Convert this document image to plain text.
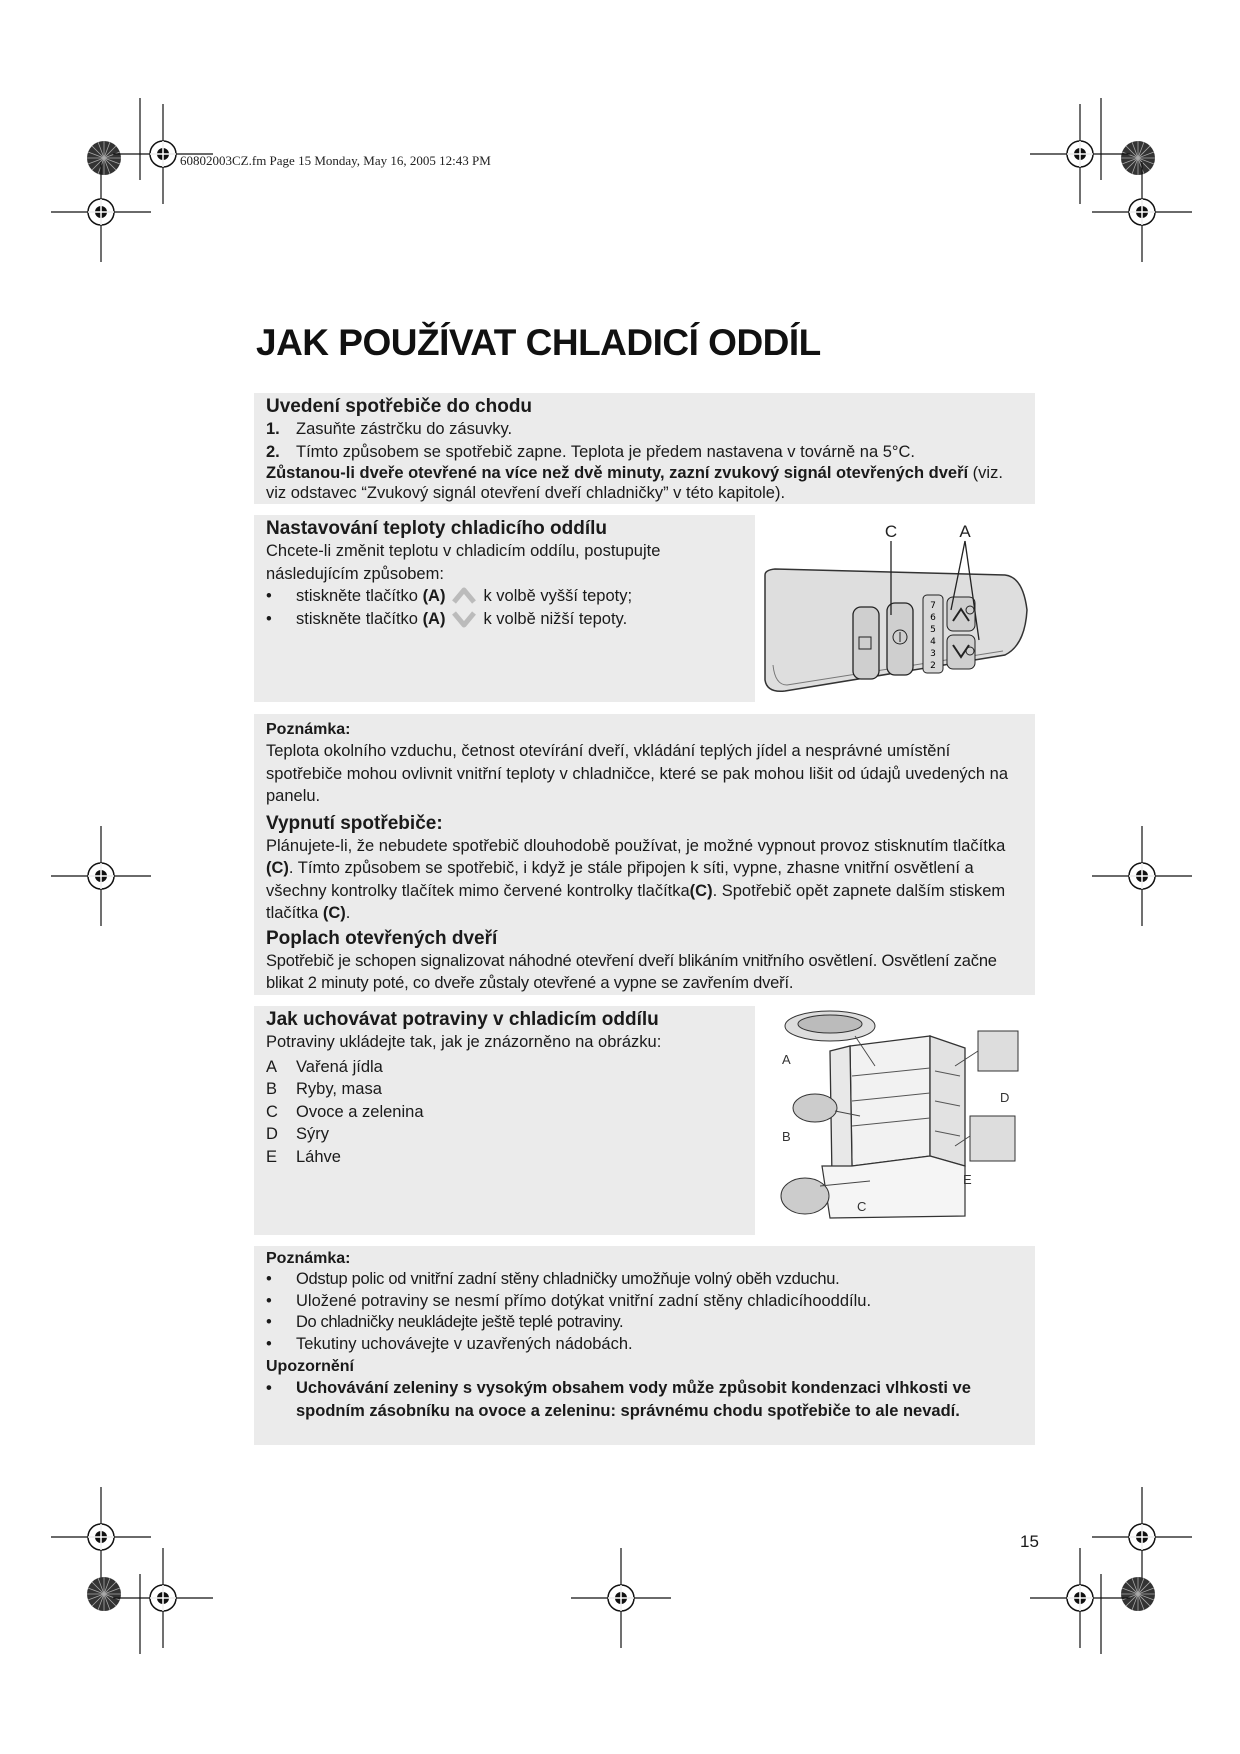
60802003CZ.fm Page 15 Monday, May 16, 2005 12:43 PM
JAK POUŽÍVAT CHLADICÍ ODDÍL
Uvedení spotřebiče do chodu
1. Zasuňte zástrčku do zásuvky.
2. Tímto způsobem se spotřebič zapne. Teplota je předem nastavena v továrně na 5°C.
Zůstanou-li dveře otevřené na více než dvě minuty, zazní zvukový signál otevřených dveří (viz. viz odstavec “Zvukový signál otevření dveří chladničky” v této kapitole).
Nastavování teploty chladicího oddílu
Chcete-li změnit teplotu v chladicím oddílu, postupujte
následujícím způsobem:
•	stiskněte tlačítko (A) k volbě vyšší tepoty;
•	stiskněte tlačítko (A) k volbě nižší tepoty.
7
6
5
4
3
2
C	A
Poznámka:
Teplota okolního vzduchu, četnost otevírání dveří, vkládání teplých jídel a nesprávné umístění spotřebiče mohou ovlivnit vnitřní teploty v chladničce, které se pak mohou lišit od údajů uvedených na panelu.
Vypnutí spotřebiče:
Plánujete-li, že nebudete spotřebič dlouhodobě používat, je možné vypnout provoz stisknutím tlačítka (C). Tímto způsobem se spotřebič, i když je stále připojen k síti, vypne, zhasne vnitřní osvětlení a všechny kontrolky tlačítek mimo červené kontrolky tlačítka(C). Spotřebič opět zapnete dalším stiskem tlačítka (C).
Poplach otevřených dveří
Spotřebič je schopen signalizovat náhodné otevření dveří blikáním vnitřního osvětlení. Osvětlení začne blikat 2 minuty poté, co dveře zůstaly otevřené a vypne se zavřením dveří.
Jak uchovávat potraviny v chladicím oddílu
Potraviny ukládejte tak, jak je znázorněno na obrázku:
A	Vařená jídla
B	Ryby, masa
C	Ovoce a zelenina
D	Sýry
E	Láhve
A
B
C
D
E
Poznámka:
•	Odstup polic od vnitřní zadní stěny chladničky umožňuje volný oběh vzduchu.
•	Uložené potraviny se nesmí přímo dotýkat vnitřní zadní stěny chladicíhooddílu.
•	Do chladničky neukládejte ještě teplé potraviny.
•	Tekutiny uchovávejte v uzavřených nádobách.
Upozornění
•	Uchovávání zeleniny s vysokým obsahem vody může způsobit kondenzaci vlhkosti ve spodním zásobníku na ovoce a zeleninu: správnému chodu spotřebiče to ale nevadí.
15
